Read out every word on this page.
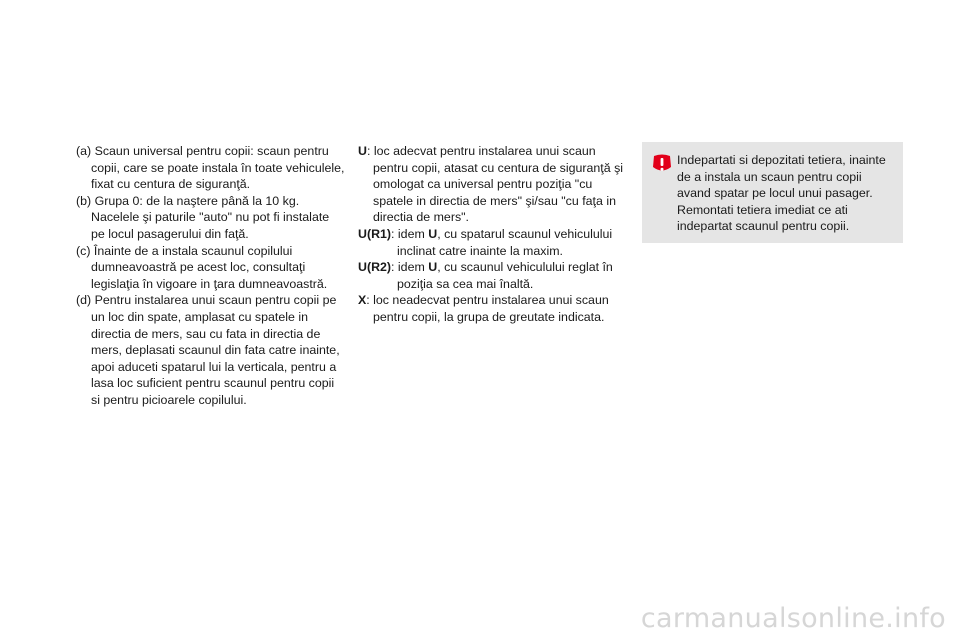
(a) Scaun universal pentru copii: scaun pentru copii, care se poate instala în toate vehiculele, fixat cu centura de siguranţă.

(b) Grupa 0: de la naştere până la 10 kg. Nacelele şi paturile "auto" nu pot fi instalate pe locul pasagerului din faţă.

(c) Înainte de a instala scaunul copilului dumneavoastră pe acest loc, consultaţi legislaţia în vigoare in ţara dumneavoastră.

(d) Pentru instalarea unui scaun pentru copii pe un loc din spate, amplasat cu spatele in directia de mers, sau cu fata in directia de mers, deplasati scaunul din fata catre inainte, apoi aduceti spatarul lui la verticala, pentru a lasa loc suficient pentru scaunul pentru copii si pentru picioarele copilului.

U: loc adecvat pentru instalarea unui scaun pentru copii, atasat cu centura de siguranţă şi omologat ca universal pentru poziţia "cu spatele in directia de mers" şi/sau "cu faţa in directia de mers".

U(R1): idem U, cu spatarul scaunul vehiculului inclinat catre inainte la maxim.

U(R2): idem U, cu scaunul vehiculului reglat în poziţia sa cea mai înaltă.

X: loc neadecvat pentru instalarea unui scaun pentru copii, la grupa de greutate indicata.

Indepartati si depozitati tetiera, inainte de a instala un scaun pentru copii avand spatar pe locul unui pasager. Remontati tetiera imediat ce ati indepartat scaunul pentru copii.
carmanualsonline.info
